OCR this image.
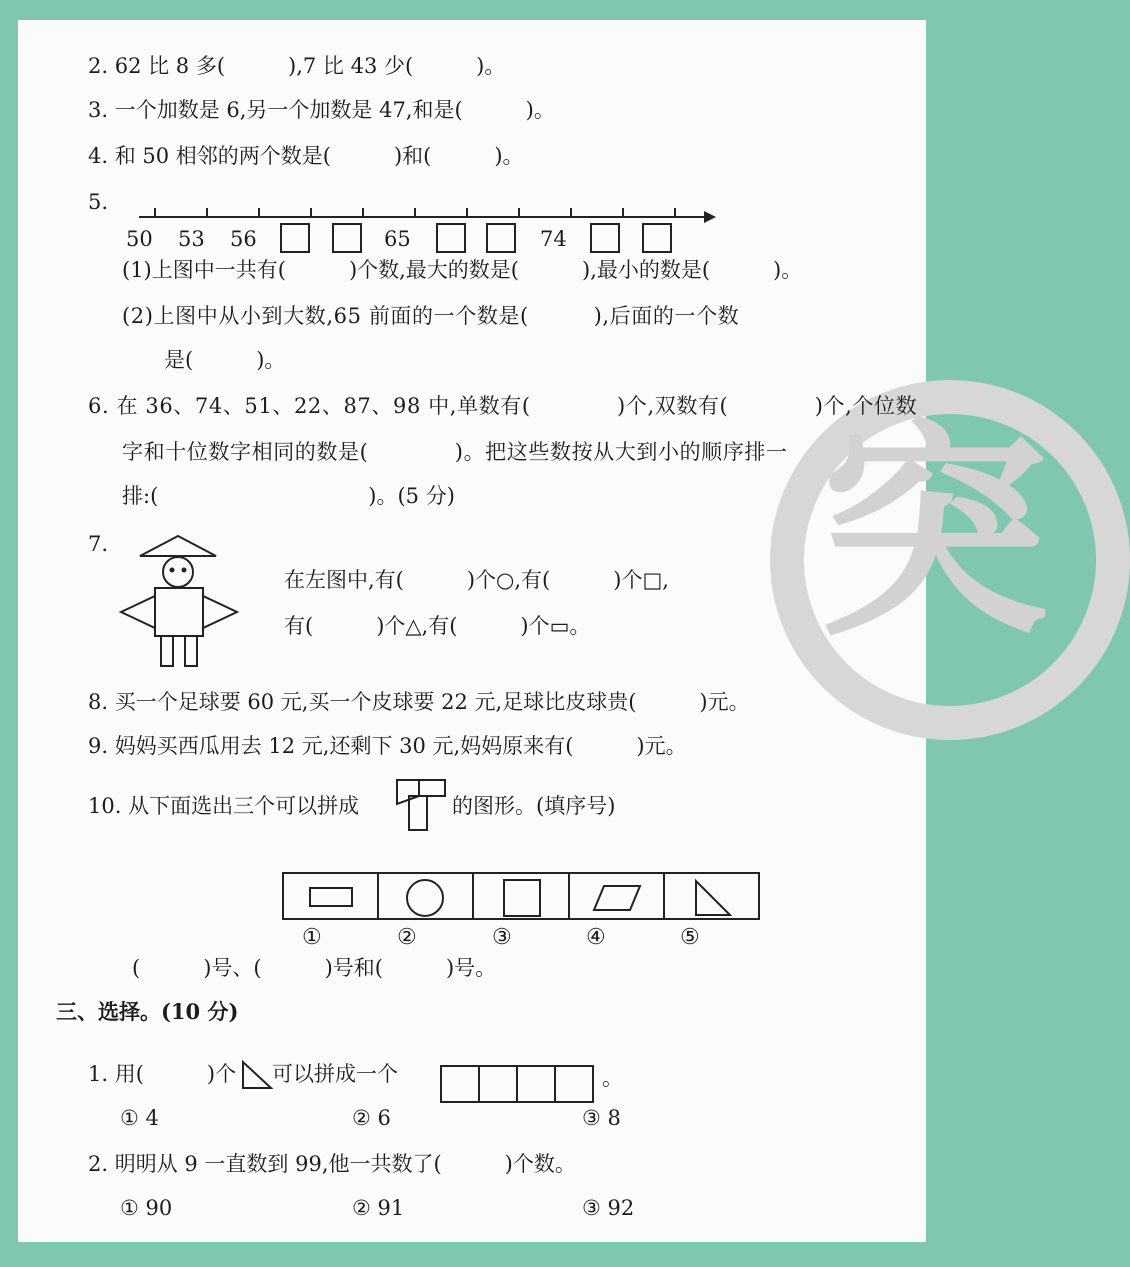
突
2. 62 比 8 多(　　　),7 比 43 少(　　　)。
3. 一个加数是 6,另一个加数是 47,和是(　　　)。
4. 和 50 相邻的两个数是(　　　)和(　　　)。
5.
50 53 56	65	74
(1)上图中一共有(　　　)个数,最大的数是(　　　),最小的数是(　　　)。
(2)上图中从小到大数,65 前面的一个数是(　　　),后面的一个数
是(　　　)。
6. 在 36、74、51、22、87、98 中,单数有(　　　　)个,双数有(　　　　)个,个位数
字和十位数字相同的数是(　　　　)。把这些数按从大到小的顺序排一
排:(　　　　　　　　　　)。(5 分)
7.
在左图中,有(　　　)个○,有(　　　)个□,
有(　　　)个△,有(　　　)个▭。
8. 买一个足球要 60 元,买一个皮球要 22 元,足球比皮球贵(　　　)元。
9. 妈妈买西瓜用去 12 元,还剩下 30 元,妈妈原来有(　　　)元。
10. 从下面选出三个可以拼成	的图形。(填序号)
①	②	③	④	⑤
(　　　)号、(　　　)号和(　　　)号。
三、选择。(10 分)
1. 用(　　　)个 可以拼成一个	。
① 4	② 6	③ 8
2. 明明从 9 一直数到 99,他一共数了(　　　)个数。
① 90	② 91	③ 92
